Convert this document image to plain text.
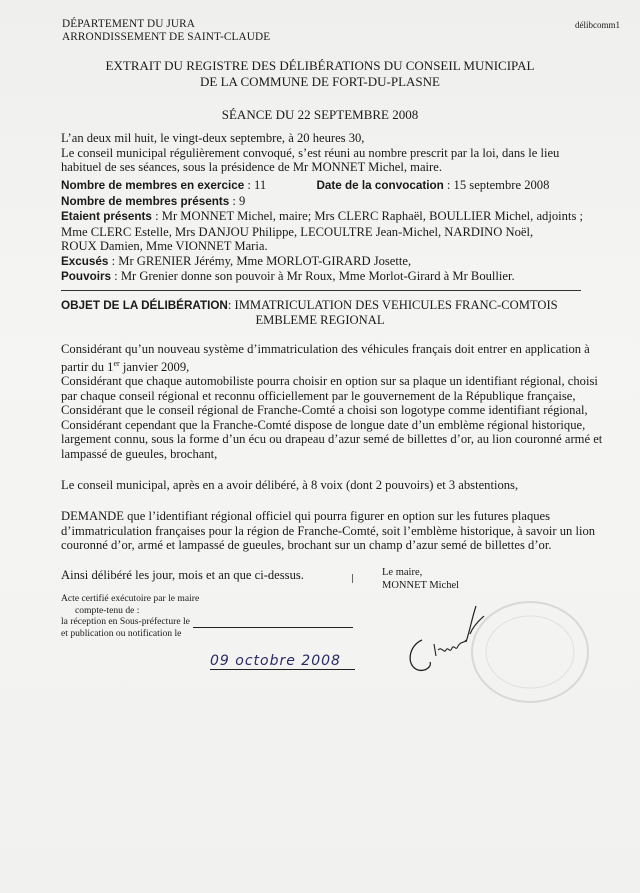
DÉPARTEMENT DU JURA
ARRONDISSEMENT DE SAINT-CLAUDE
délibcomm1
EXTRAIT DU REGISTRE DES DÉLIBÉRATIONS DU CONSEIL MUNICIPAL
DE LA COMMUNE DE FORT-DU-PLASNE
SÉANCE DU 22 SEPTEMBRE 2008
L’an deux mil huit, le vingt-deux septembre, à 20 heures 30,
Le conseil municipal régulièrement convoqué, s’est réuni au nombre prescrit par la loi, dans le lieu
habituel de ses séances, sous la présidence de Mr MONNET Michel, maire.
Nombre de membres en exercice : 11	Date de la convocation : 15 septembre 2008
Nombre de membres présents : 9
Etaient présents : Mr MONNET Michel, maire; Mrs CLERC Raphaël, BOULLIER Michel, adjoints ;
Mme CLERC Estelle, Mrs DANJOU Philippe, LECOULTRE Jean-Michel, NARDINO Noël,
ROUX Damien, Mme VIONNET Maria.
Excusés : Mr GRENIER Jérémy, Mme MORLOT-GIRARD Josette,
Pouvoirs : Mr Grenier donne son pouvoir à Mr Roux, Mme Morlot-Girard à Mr Boullier.
OBJET DE LA DÉLIBÉRATION: IMMATRICULATION DES VEHICULES FRANC-COMTOIS
EMBLEME REGIONAL
Considérant qu’un nouveau système d’immatriculation des véhicules français doit entrer en application à
partir du 1er janvier 2009,
Considérant que chaque automobiliste pourra choisir en option sur sa plaque un identifiant régional, choisi
par chaque conseil régional et reconnu officiellement par le gouvernement de la République française,
Considérant que le conseil régional de Franche-Comté a choisi son logotype comme identifiant régional,
Considérant cependant que la Franche-Comté dispose de longue date d’un emblème régional historique,
largement connu, sous la forme d’un écu ou drapeau d’azur semé de billettes d’or, au lion couronné armé et
lampassé de gueules, brochant,
Le conseil municipal, après en a avoir délibéré, à 8 voix (dont 2 pouvoirs) et 3 abstentions,
DEMANDE que l’identifiant régional officiel qui pourra figurer en option sur les futures plaques
d’immatriculation françaises pour la région de Franche-Comté, soit l’emblème historique, à savoir un lion
couronné d’or, armé et lampassé de gueules, brochant sur un champ d’azur semé de billettes d’or.
Ainsi délibéré les jour, mois et an que ci-dessus.	Le maire,
MONNET Michel
Acte certifié exécutoire par le maire
compte-tenu de :
la réception en Sous-préfecture le
et publication ou notification le
09 octobre 2008
